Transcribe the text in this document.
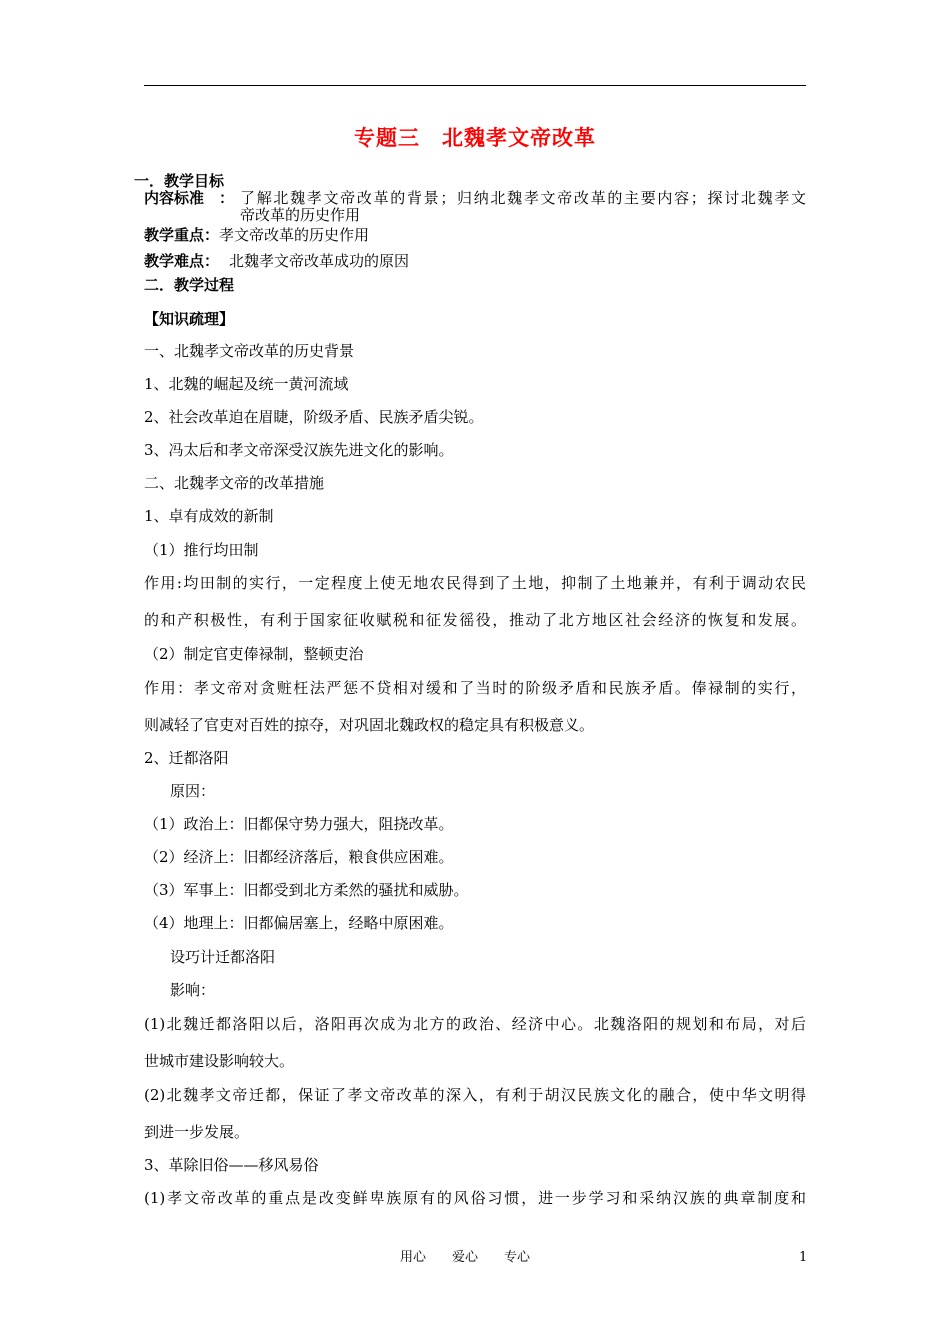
专题三　北魏孝文帝改革
一．教学目标
内容标准　： 了解北魏孝文帝改革的背景；归纳北魏孝文帝改革的主要内容；探讨北魏孝文
帝改革的历史作用
教学重点：孝文帝改革的历史作用
教学难点： 北魏孝文帝改革成功的原因
二．教学过程
【知识疏理】
一、北魏孝文帝改革的历史背景
1、北魏的崛起及统一黄河流域
2、社会改革迫在眉睫，阶级矛盾、民族矛盾尖锐。
3、冯太后和孝文帝深受汉族先进文化的影响。
二、北魏孝文帝的改革措施
1、卓有成效的新制
（1）推行均田制
作用:均田制的实行，一定程度上使无地农民得到了土地，抑制了土地兼并，有利于调动农民
的和产积极性，有利于国家征收赋税和征发徭役，推动了北方地区社会经济的恢复和发展。
（2）制定官吏俸禄制，整顿吏治
作用：孝文帝对贪赃枉法严惩不贷相对缓和了当时的阶级矛盾和民族矛盾。俸禄制的实行，
则减轻了官吏对百姓的掠夺，对巩固北魏政权的稳定具有积极意义。
2、迁都洛阳
原因：
（1）政治上：旧都保守势力强大，阻挠改革。
（2）经济上：旧都经济落后，粮食供应困难。
（3）军事上：旧都受到北方柔然的骚扰和威胁。
（4）地理上：旧都偏居塞上，经略中原困难。
设巧计迁都洛阳
影响：
(1)北魏迁都洛阳以后，洛阳再次成为北方的政治、经济中心。北魏洛阳的规划和布局，对后
世城市建设影响较大。
(2)北魏孝文帝迁都，保证了孝文帝改革的深入，有利于胡汉民族文化的融合，使中华文明得
到进一步发展。
3、革除旧俗——移风易俗
(1)孝文帝改革的重点是改变鲜卑族原有的风俗习惯，进一步学习和采纳汉族的典章制度和
用心　　爱心　　专心	1
